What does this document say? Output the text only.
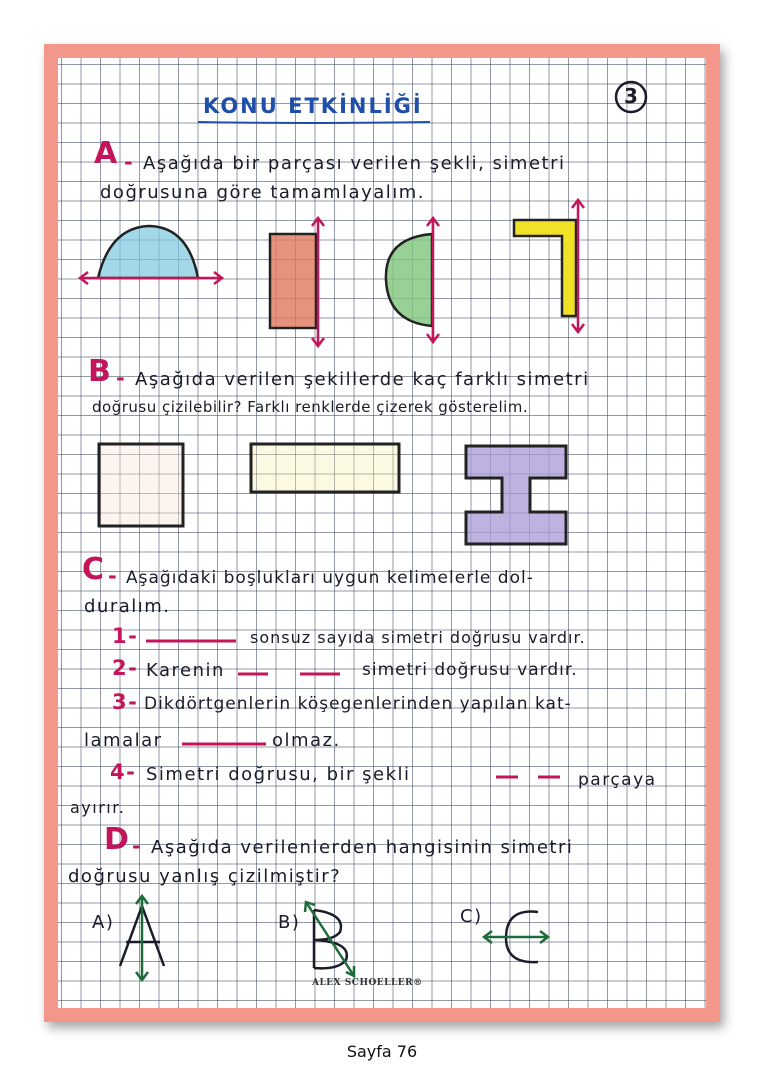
KONU ETKİNLİĞİ	3
A - Aşağıda bir parçası verilen şekli, simetri
doğrusuna göre tamamlayalım.
B - Aşağıda verilen şekillerde kaç farklı simetri
doğrusu çizilebilir? Farklı renklerde çizerek gösterelim.
C - Aşağıdaki boşlukları uygun kelimelerle dol-
duralım.
1-	sonsuz sayıda simetri doğrusu vardır.
2- Karenin	simetri doğrusu vardır.
3- Dikdörtgenlerin köşegenlerinden yapılan kat-
lamalar	olmaz.
4- Simetri doğrusu, bir şekli	parçaya
ayırır.
D - Aşağıda verilenlerden hangisinin simetri
doğrusu yanlış çizilmiştir?
A)	B)	C)
ALEX SCHOELLER®
Sayfa 76
